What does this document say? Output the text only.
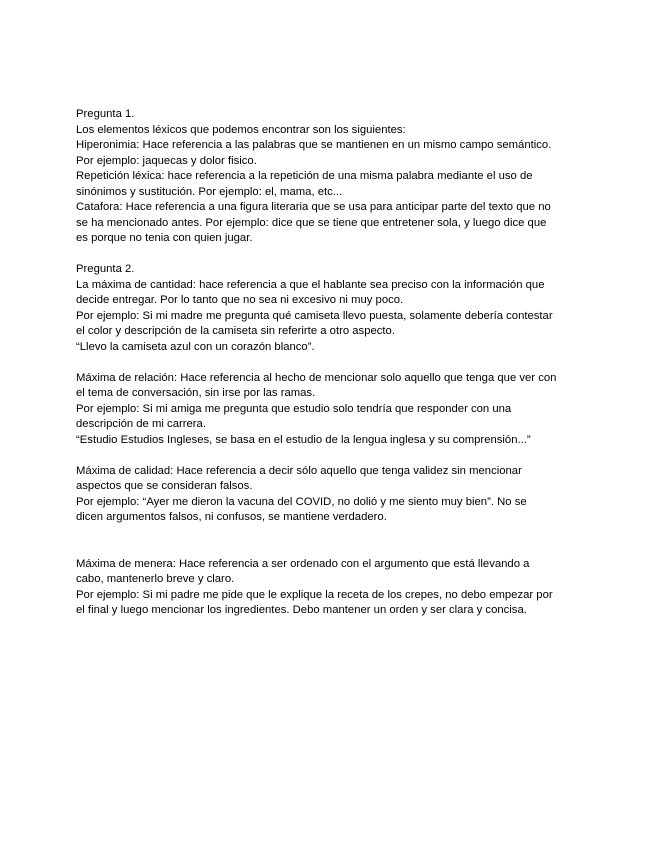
Pregunta 1.
Los elementos léxicos que podemos encontrar son los siguientes:
Hiperonimia: Hace referencia a las palabras que se mantienen en un mismo campo semántico.
Por ejemplo: jaquecas y dolor fisico.
Repetición léxica: hace referencia a la repetición de una misma palabra mediante el uso de
sinónimos y sustitución. Por ejemplo: el, mama, etc...
Catafora: Hace referencia a una figura literaria que se usa para anticipar parte del texto que no
se ha mencionado antes. Por ejemplo: dice que se tiene que entretener sola, y luego dice que
es porque no tenia con quien jugar.
Pregunta 2.
La máxima de cantidad: hace referencia a que el hablante sea preciso con la información que
decide entregar. Por lo tanto que no sea ni excesivo ni muy poco.
Por ejemplo: Si mi madre me pregunta qué camiseta llevo puesta, solamente debería contestar
el color y descripción de la camiseta sin referirte a otro aspecto.
“Llevo la camiseta azul con un corazón blanco”.
Máxima de relación: Hace referencia al hecho de mencionar solo aquello que tenga que ver con
el tema de conversación, sin irse por las ramas.
Por ejemplo: Si mi amiga me pregunta que estudio solo tendría que responder con una
descripción de mi carrera.
“Estudio Estudios Ingleses, se basa en el estudio de la lengua inglesa y su comprensión...”
Máxima de calidad: Hace referencia a decir sólo aquello que tenga validez sin mencionar
aspectos que se consideran falsos.
Por ejemplo: “Ayer me dieron la vacuna del COVID, no dolió y me siento muy bien”. No se
dicen argumentos falsos, ni confusos, se mantiene verdadero.
Máxima de menera: Hace referencia a ser ordenado con el argumento que está llevando a
cabo, mantenerlo breve y claro.
Por ejemplo: Si mi padre me pide que le explique la receta de los crepes, no debo empezar por
el final y luego mencionar los ingredientes. Debo mantener un orden y ser clara y concisa.
